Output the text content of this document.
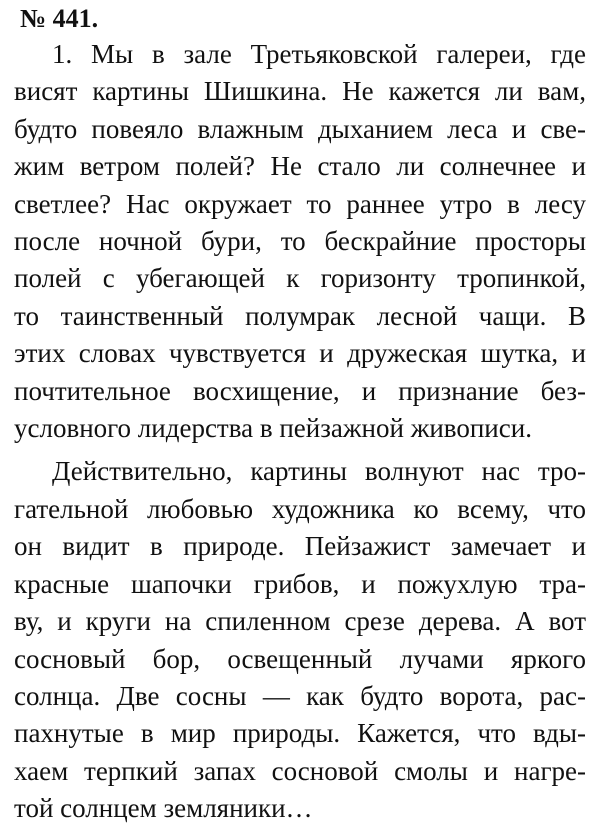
№ 441.
1. Мы в зале Третьяковской галереи, где
висят картины Шишкина. Не кажется ли вам,
будто повеяло влажным дыханием леса и све-
жим ветром полей? Не стало ли солнечнее и
светлее? Нас окружает то раннее утро в лесу
после ночной бури, то бескрайние просторы
полей с убегающей к горизонту тропинкой,
то таинственный полумрак лесной чащи. В
этих словах чувствуется и дружеская шутка, и
почтительное восхищение, и признание без-
условного лидерства в пейзажной живописи.
Действительно, картины волнуют нас тро-
гательной любовью художника ко всему, что
он видит в природе. Пейзажист замечает и
красные шапочки грибов, и пожухлую тра-
ву, и круги на спиленном срезе дерева. А вот
сосновый бор, освещенный лучами яркого
солнца. Две сосны — как будто ворота, рас-
пахнутые в мир природы. Кажется, что вды-
хаем терпкий запах сосновой смолы и нагре-
той солнцем земляники…
